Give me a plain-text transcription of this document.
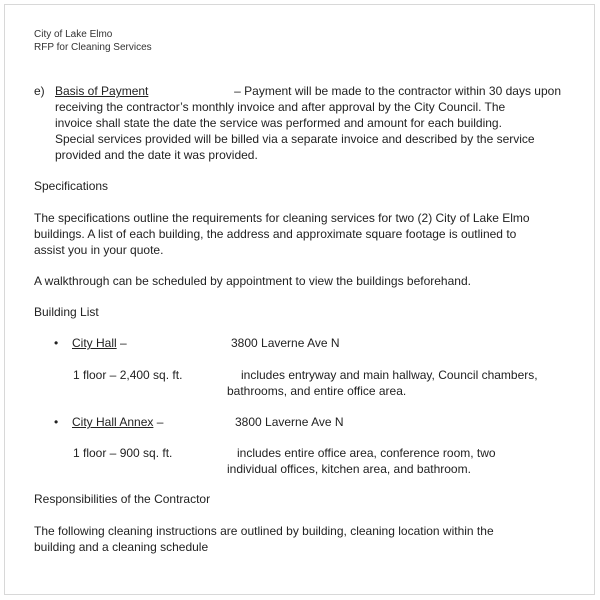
City of Lake Elmo
RFP for Cleaning Services
e) Basis of Payment	– Payment will be made to the contractor within 30 days upon
receiving the contractor’s monthly invoice and after approval by the City Council. The
invoice shall state the date the service was performed and amount for each building.
Special services provided will be billed via a separate invoice and described by the service
provided and the date it was provided.
Specifications
The specifications outline the requirements for cleaning services for two (2) City of Lake Elmo
buildings. A list of each building, the address and approximate square footage is outlined to
assist you in your quote.
A walkthrough can be scheduled by appointment to view the buildings beforehand.
Building List
• City Hall –	3800 Laverne Ave N
1 floor – 2,400 sq. ft.	includes entryway and main hallway, Council chambers,
bathrooms, and entire office area.
• City Hall Annex –	3800 Laverne Ave N
1 floor – 900 sq. ft.	includes entire office area, conference room, two
individual offices, kitchen area, and bathroom.
Responsibilities of the Contractor
The following cleaning instructions are outlined by building, cleaning location within the
building and a cleaning schedule
